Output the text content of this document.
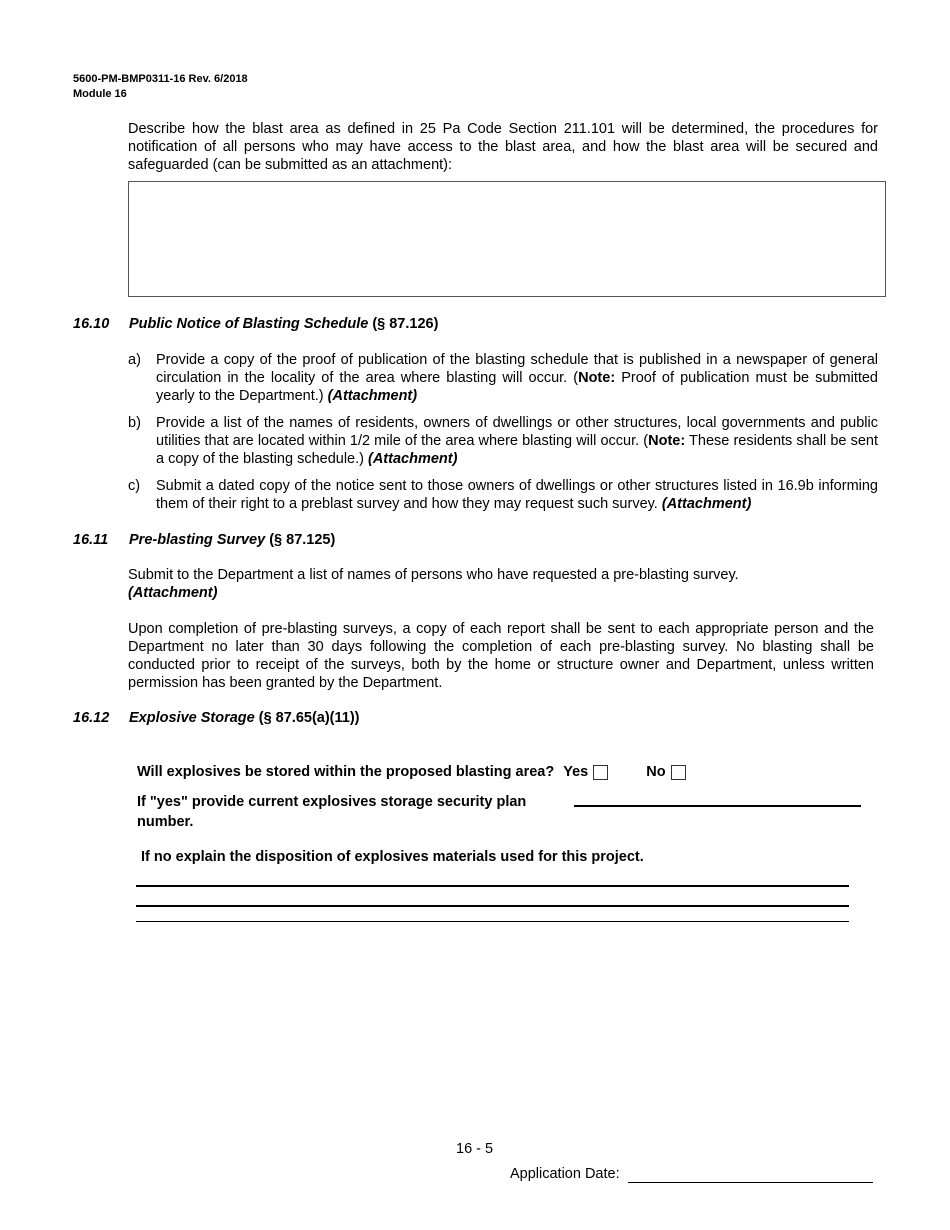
5600-PM-BMP0311-16 Rev. 6/2018
Module 16
Describe how the blast area as defined in 25 Pa Code Section 211.101 will be determined, the procedures for notification of all persons who may have access to the blast area, and how the blast area will be secured and safeguarded (can be submitted as an attachment):
16.10 Public Notice of Blasting Schedule (§ 87.126)
a)	Provide a copy of the proof of publication of the blasting schedule that is published in a newspaper of general circulation in the locality of the area where blasting will occur. (Note: Proof of publication must be submitted yearly to the Department.) (Attachment)
b)	Provide a list of the names of residents, owners of dwellings or other structures, local governments and public utilities that are located within 1/2 mile of the area where blasting will occur. (Note: These residents shall be sent a copy of the blasting schedule.) (Attachment)
c)	Submit a dated copy of the notice sent to those owners of dwellings or other structures listed in 16.9b informing them of their right to a preblast survey and how they may request such survey. (Attachment)
16.11 Pre-blasting Survey (§ 87.125)
Submit to the Department a list of names of persons who have requested a pre-blasting survey.
(Attachment)
Upon completion of pre-blasting surveys, a copy of each report shall be sent to each appropriate person and the Department no later than 30 days following the completion of each pre-blasting survey. No blasting shall be conducted prior to receipt of the surveys, both by the home or structure owner and Department, unless written permission has been granted by the Department.
16.12 Explosive Storage (§ 87.65(a)(11))
Will explosives be stored within the proposed blasting area? Yes	No
If "yes" provide current explosives storage security plan
number.
If no explain the disposition of explosives materials used for this project.
16 - 5
Application Date:
